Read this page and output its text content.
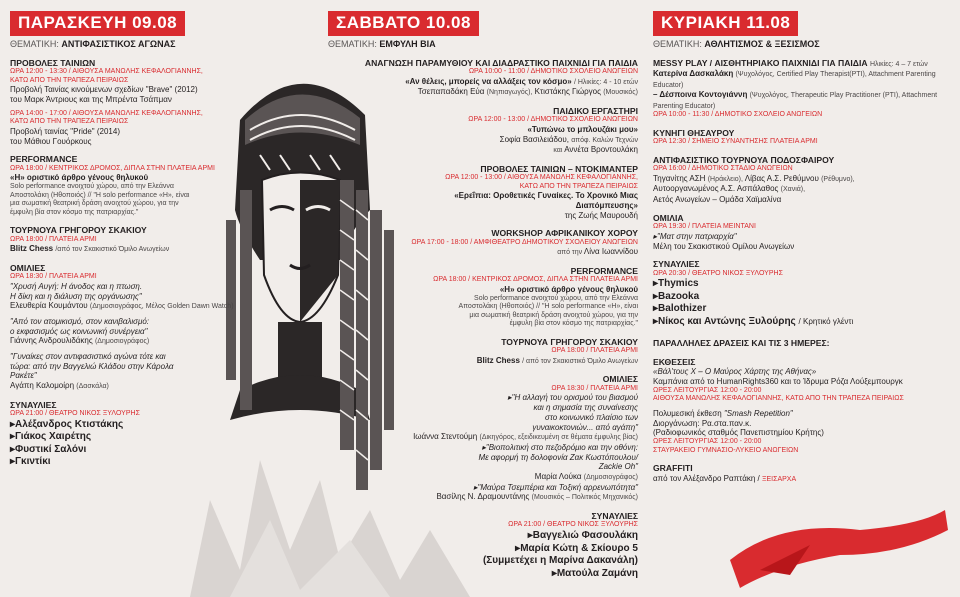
ΠΑΡΑΣΚΕΥΗ 09.08
ΘΕΜΑΤΙΚΗ: ΑΝΤΙΦΑΣΙΣΤΙΚΟΣ ΑΓΩΝΑΣ
ΠΡΟΒΟΛΕΣ ΤΑΙΝΙΩΝ
ΩΡΑ 12:00 - 13:30 / ΑΙΘΟΥΣΑ ΜΑΝΩΛΗΣ ΚΕΦΑΛΟΓΙΑΝΝΗΣ,
ΚΑΤΩ ΑΠΟ ΤΗΝ ΤΡΑΠΕΖΑ ΠΕΙΡΑΙΩΣ
Προβολή Ταινίας κινούμενων σχεδίων "Brave" (2012)
του Μαρκ Άντριους και της Μπρέντα Τσάπμαν
ΩΡΑ 14:00 - 17:00 / ΑΙΘΟΥΣΑ ΜΑΝΩΛΗΣ ΚΕΦΑΛΟΓΙΑΝΝΗΣ,
ΚΑΤΩ ΑΠΟ ΤΗΝ ΤΡΑΠΕΖΑ ΠΕΙΡΑΙΩΣ
Προβολή ταινίας "Pride" (2014)
του Μάθιου Γουόρκους
PERFORMANCE
ΩΡΑ 18:00 / ΚΕΝΤΡΙΚΟΣ ΔΡΟΜΟΣ, ΔΙΠΛΑ ΣΤΗΝ ΠΛΑΤΕΙΑ ΑΡΜΙ
«Η» οριστικό άρθρο γένους θηλυκού
Solo performance ανοιχτού χώρου, από την Ελεάννα
Αποστολάκη (Ηθοποιός) // "Η solo performance «Η», είναι
μια σωματική θεατρική δράση ανοιχτού χώρου, για την
έμφυλη βία στον κόσμο της πατριαρχίας."
ΤΟΥΡΝΟΥΑ ΓΡΗΓΟΡΟΥ ΣΚΑΚΙΟΥ
ΩΡΑ 18:00 / ΠΛΑΤΕΙΑ ΑΡΜΙ
Blitz Chess /από τον Σκακιστικό Όμιλο Ανωγείων
ΟΜΙΛΙΕΣ
ΩΡΑ 18:30 / ΠΛΑΤΕΙΑ ΑΡΜΙ
"Χρυσή Αυγή: Η άνοδος και η πτωση.
Η δίκη και η διάλυση της οργάνωσης"
Ελευθερία Κουμάντου (Δημοσιογράφος, Μέλος Golden Dawn Watch)
"Από τον ατομικισμό, στον κανιβαλισμό:
ο εκφασισμός ως κοινωνική συνέργεια"
Γιάννης Ανδρουλιδάκης (Δημοσιογράφος)
"Γυναίκες στον αντιφασιστικό αγώνα τότε και
τώρα: από την Βαγγελιώ Κλάδου στην Κάρολα
Ρακέτε"
Αγάπη Καλομοίρη (Δασκάλα)
ΣΥΝΑΥΛΙΕΣ
ΩΡΑ 21:00 / ΘΕΑΤΡΟ ΝΙΚΟΣ ΞΥΛΟΥΡΗΣ
▸ Αλέξανδρος Κτιστάκης
▸ Γιάκος Χαιρέτης
▸ Φυστικί Σαλόνι
▸ Γκιντίκι
ΣΑΒΒΑΤΟ 10.08
ΘΕΜΑΤΙΚΗ: ΕΜΦΥΛΗ ΒΙΑ
ΑΝΑΓΝΩΣΗ ΠΑΡΑΜΥΘΙΟΥ ΚΑΙ ΔΙΑΔΡΑΣΤΙΚΟ ΠΑΙΧΝΙΔΙ ΓΙΑ ΠΑΙΔΙΑ
ΩΡΑ 10:00 - 11:00 / ΔΗΜΟΤΙΚΟ ΣΧΟΛΕΙΟ ΑΝΩΓΕΙΩΝ
«Αν θέλεις, μπορείς να αλλάξεις τον κόσμο» / Ηλικίες: 4 - 10 ετών
Τσεπαπαδάκη Εύα (Νηπιαγωγός), Κτιστάκης Γιώργος (Μουσικός)
ΠΑΙΔΙΚΟ ΕΡΓΑΣΤΗΡΙ
ΩΡΑ 12:00 - 13:00 / ΔΗΜΟΤΙΚΟ ΣΧΟΛΕΙΟ ΑΝΩΓΕΙΩΝ
«Τυπώνω το μπλουζάκι μου»
Σοφία Βασιλειάδου, απόφ. Καλών Τεχνών
και Αννέτα Βροντουλάκη
ΠΡΟΒΟΛΕΣ ΤΑΙΝΙΩΝ – ΝΤΟΚΙΜΑΝΤΕΡ
ΩΡΑ 12:00 - 13:00 / ΑΙΘΟΥΣΑ ΜΑΝΩΛΗΣ ΚΕΦΑΛΟΓΙΑΝΝΗΣ,
ΚΑΤΩ ΑΠΟ ΤΗΝ ΤΡΑΠΕΖΑ ΠΕΙΡΑΙΩΣ
«Ερεΐπια: Οροθετικές Γυναίκες. Το Χρονικό Μιας
Διαπόμπευσης»
της Ζωής Μαυρουδή
WORKSHOP ΑΦΡΙΚΑΝΙΚΟΥ ΧΟΡΟΥ
ΩΡΑ 17:00 - 18:00 / ΑΜΦΙΘΕΑΤΡΟ ΔΗΜΟΤΙΚΟΥ ΣΧΟΛΕΙΟΥ ΑΝΩΓΕΙΩΝ
από την Λίνα Ιωαννίδου
PERFORMANCE
ΩΡΑ 18:00 / ΚΕΝΤΡΙΚΟΣ ΔΡΟΜΟΣ, ΔΙΠΛΑ ΣΤΗΝ ΠΛΑΤΕΙΑ ΑΡΜΙ
«Η» οριστικό άρθρο γένους θηλυκού
Solo performance ανοιχτού χώρου, από την Ελεάννα
Αποστολάκη (Ηθοποιός) // "Η solo performance «Η», είναι
μια σωματική θεατρική δράση ανοιχτού χώρου, για την
έμφυλη βία στον κόσμο της πατριαρχίας."
ΤΟΥΡΝΟΥΑ ΓΡΗΓΟΡΟΥ ΣΚΑΚΙΟΥ
ΩΡΑ 18:00 / ΠΛΑΤΕΙΑ ΑΡΜΙ
Blitz Chess / από τον Σκακιστικό Όμιλο Ανωγείων
ΟΜΙΛΙΕΣ
ΩΡΑ 18:30 / ΠΛΑΤΕΙΑ ΑΡΜΙ
▸ "Η αλλαγή του ορισμού του βιασμού
και η σημασία της συναίνεσης
στο κοινωνικό πλαίσιο των
γυναικοκτονιών... από αγάπη"
Ιωάννα Στεντούμη (Δικηγόρος, εξειδικευμένη σε θέματα έμφυλης βίας)
▸ "Βιοπολιτική στο πεζοδρόμιο και την οθόνη:
Με αφορμή τη δολοφονία Ζακ Κωστόπουλου/
Zackie Oh"
Μαρία Λούκα (Δημοσιογράφος)
▸ "Μαύρα Τσεμπέρια και Τοξική αρρενωπότητα"
Βασίλης Ν. Δραμουντάνης (Μουσικός – Πολιτικός Μηχανικός)
ΣΥΝΑΥΛΙΕΣ
ΩΡΑ 21:00 / ΘΕΑΤΡΟ ΝΙΚΟΣ ΞΥΛΟΥΡΗΣ
▸ Βαγγελιώ Φασουλάκη
▸ Μαρία Κώτη & Σκίουρο 5
(Συμμετέχει η Μαρίνα Δακανάλη)
▸ Ματούλα Ζαμάνη
ΚΥΡΙΑΚΗ 11.08
ΘΕΜΑΤΙΚΗ: ΑΘΛΗΤΙΣΜΟΣ & ΞΕΣΙΣΜΟΣ
MESSY PLAY / ΑΙΣΘΗΤΗΡΙΑΚΟ ΠΑΙΧΝΙΔΙ ΓΙΑ ΠΑΙΔΙΑ Ηλικίες: 4 – 7 ετών
Κατερίνα Δασκαλάκη (Ψυχολόγος, Certified Play Therapist(PTI), Attachment Parenting Educator)
– Δέσποινα Κοντογιάννη (Ψυχολόγος, Therapeutic Play Practitioner (PTI), Attachment Parenting Educator)
ΩΡΑ 10:00 - 11:30 / ΔΗΜΟΤΙΚΟ ΣΧΟΛΕΙΟ ΑΝΩΓΕΙΩΝ
ΚΥΝΗΓΙ ΘΗΣΑΥΡΟΥ
ΩΡΑ 12:30 / ΣΗΜΕΙΟ ΣΥΝΑΝΤΗΣΗΣ ΠΛΑΤΕΙΑ ΑΡΜΙ
ΑΝΤΙΦΑΣΙΣΤΙΚΟ ΤΟΥΡΝΟΥΑ ΠΟΔΟΣΦΑΙΡΟΥ
ΩΡΑ 16:00 / ΔΗΜΟΤΙΚΟ ΣΤΑΔΙΟ ΑΝΩΓΕΙΩΝ
Τηγανίτης ΑΣΗ (Ηράκλειο), Λίβας Α.Σ. Ρεθύμνου (Ρέθυμνο),
Αυτοοργανωμένος Α.Σ. Ασπάλαθος (Χανιά),
Αετός Ανωγείων – Ομάδα Χαϊμαλίνα
ΟΜΙΛΙΑ
ΩΡΑ 19:30 / ΠΛΑΤΕΙΑ ΜΕΙΝΤΑΝΙ
▸ "Ματ στην πατριαρχία"
Μέλη του Σκακιστικού Ομίλου Ανωγείων
ΣΥΝΑΥΛΙΕΣ
ΩΡΑ 20:30 / ΘΕΑΤΡΟ ΝΙΚΟΣ ΞΥΛΟΥΡΗΣ
▸ Thymics
▸ Bazooka
▸ Balothizer
▸ Νίκος και Αντώνης Ξυλούρης / Κρητικό γλέντι
ΠΑΡΑΛΛΗΛΕΣ ΔΡΑΣΕΙΣ ΚΑΙ ΤΙΣ 3 ΗΜΕΡΕΣ:
ΕΚΘΕΣΕΙΣ
«Βάλ'τους Χ – Ο Μαύρος Χάρτης της Αθήνας»
Καμπάνια από το HumanRights360 και το Ίδρυμα Ρόζα Λούξεμπουργκ
ΩΡΕΣ ΛΕΙΤΟΥΡΓΙΑΣ 12:00 - 20:00
ΑΙΘΟΥΣΑ ΜΑΝΩΛΗΣ ΚΕΦΑΛΟΓΙΑΝΝΗΣ, ΚΑΤΩ ΑΠΟ ΤΗΝ ΤΡΑΠΕΖΑ ΠΕΙΡΑΙΩΣ
Πολυμεσική έκθεση "Smash Repetition"
Διοργάνωση: Ρα.στα.παν.κ.
(Ραδιοφωνικός σταθμός Πανεπιστημίου Κρήτης)
ΩΡΕΣ ΛΕΙΤΟΥΡΓΙΑΣ 12:00 - 20:00
ΣΤΑΥΡΑΚΕΙΟ ΓΥΜΝΑΣΙΟ-ΛΥΚΕΙΟ ΑΝΩΓΕΙΩΝ
GRAFFITI
από τον Αλέξανδρο Ραπτάκη / ΞΕΙΣΑΡΧΑ
